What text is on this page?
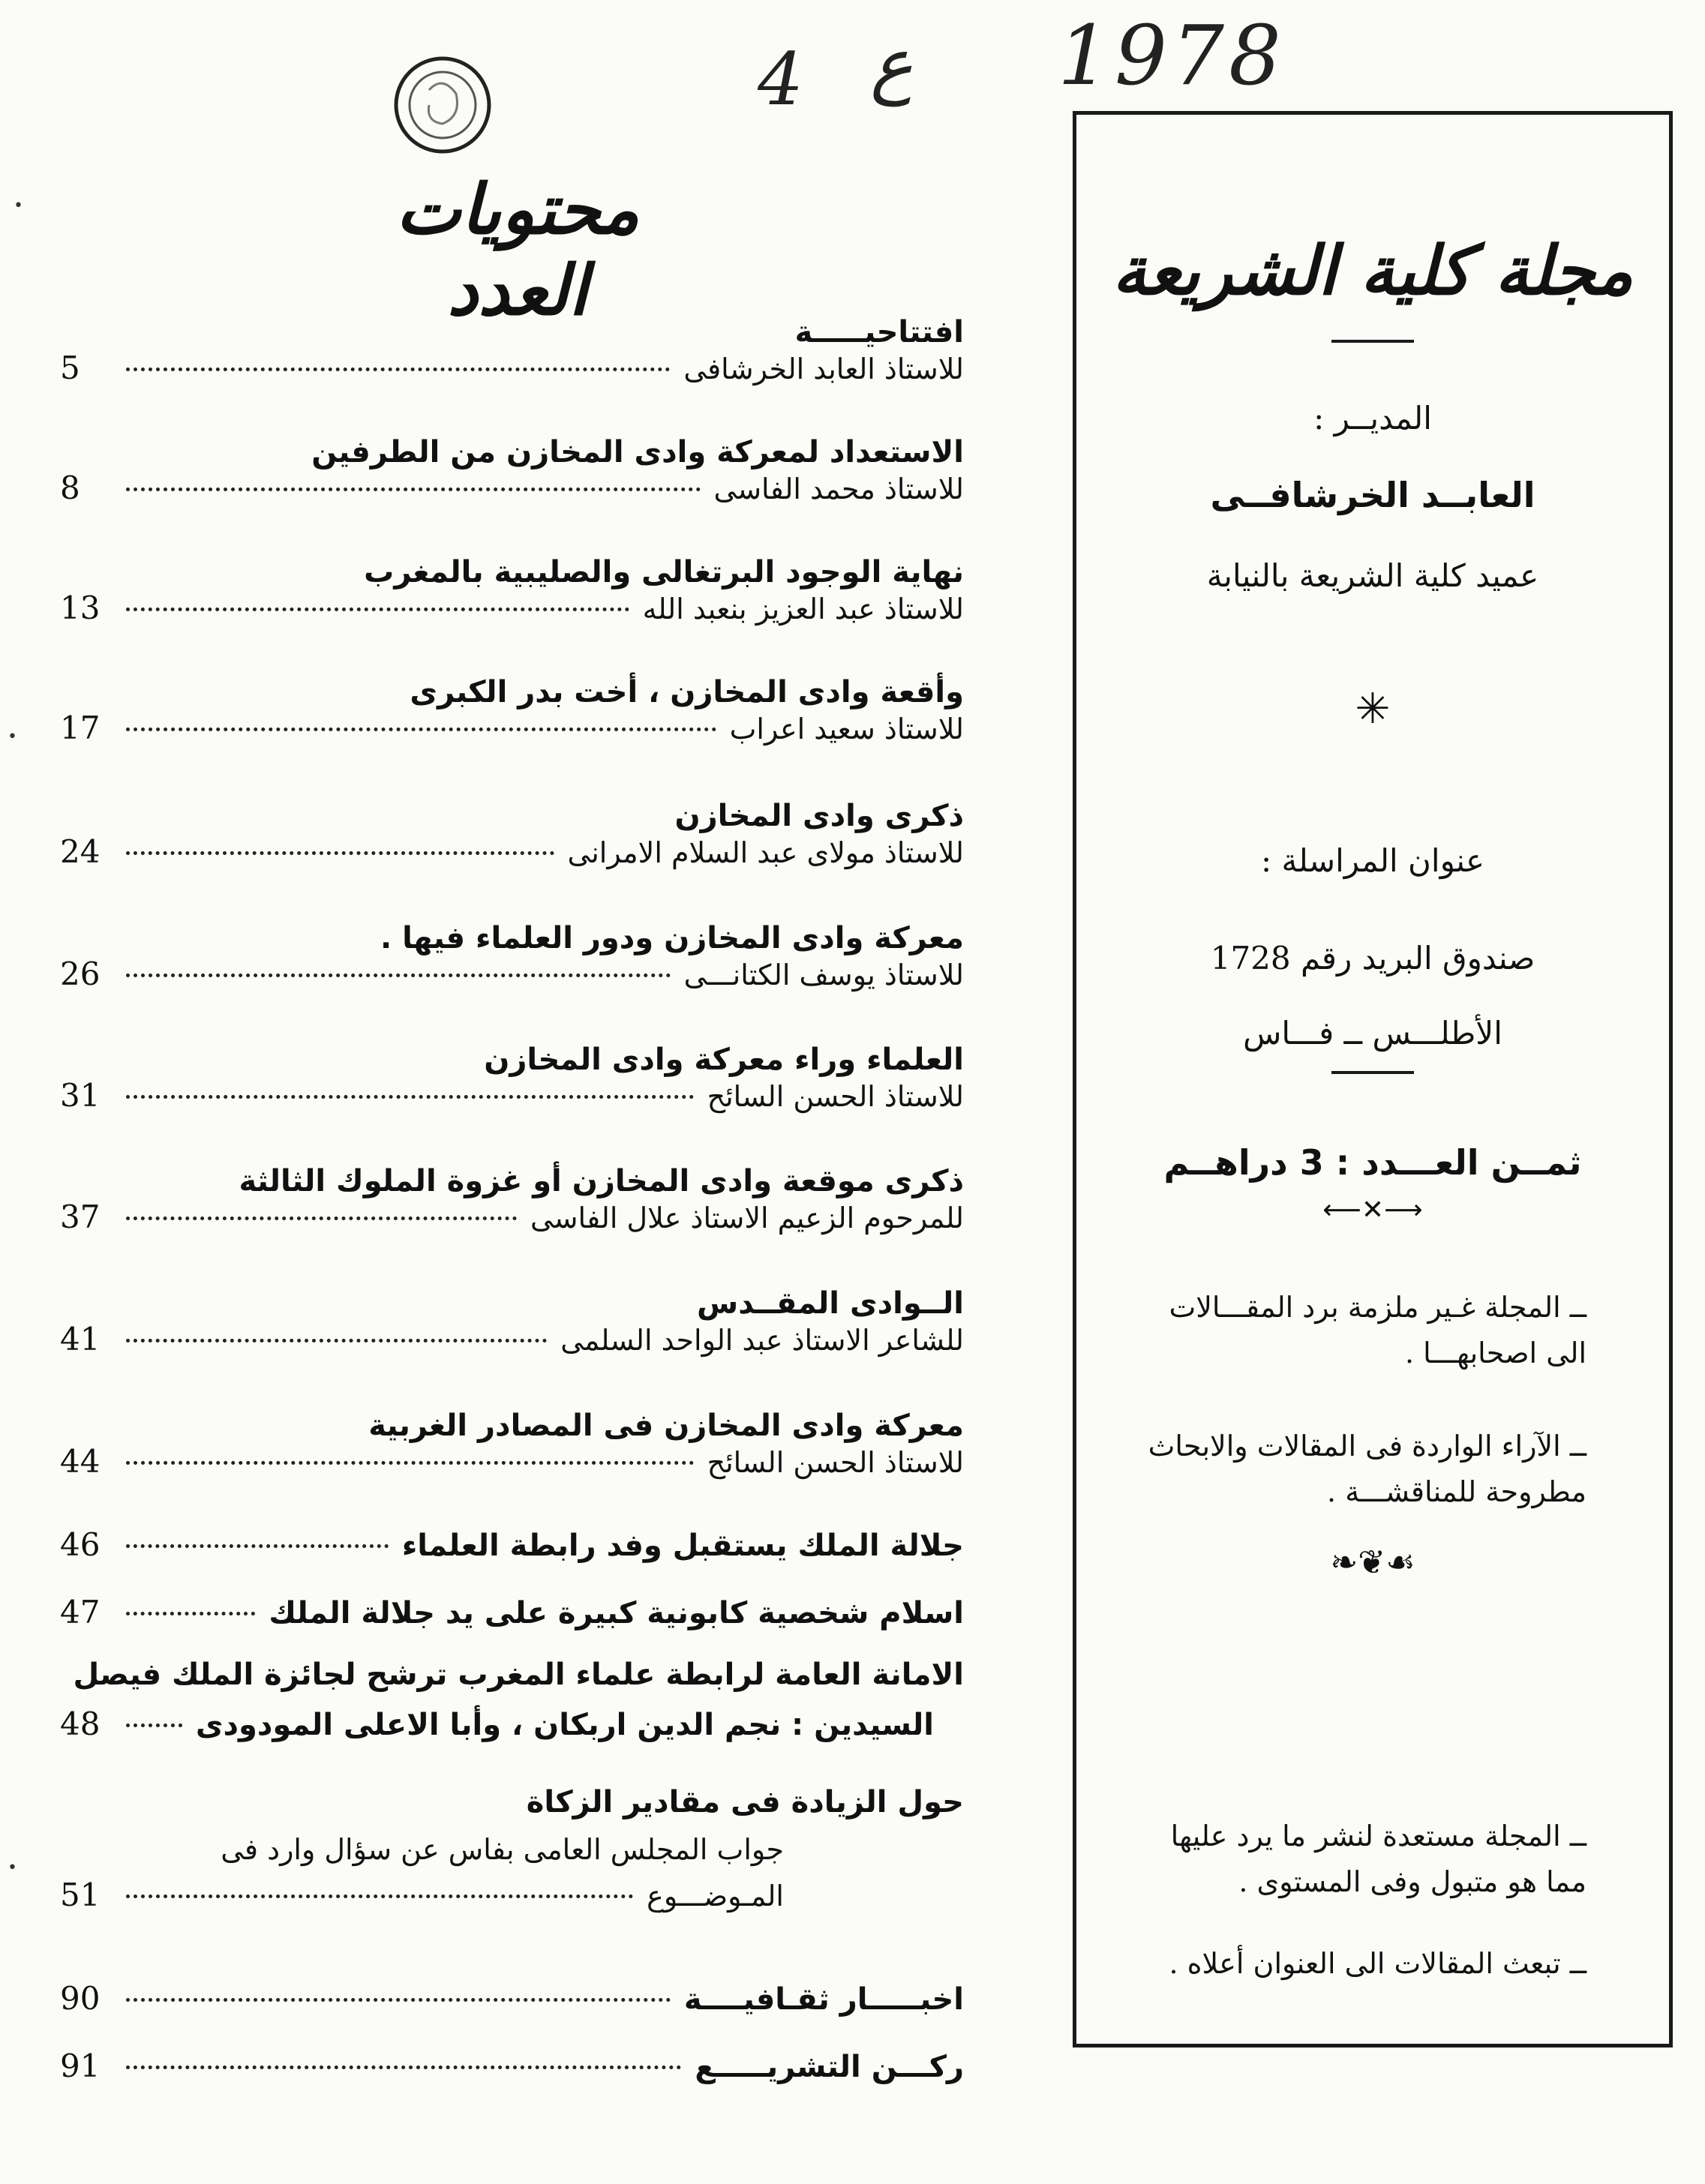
4 ع 1978
محتويات العدد
افتتاحيـــــة
للاستاذ العابد الخرشافى
5
الاستعداد لمعركة وادى المخازن من الطرفين
للاستاذ محمد الفاسى
8
نهاية الوجود البرتغالى والصليبية بالمغرب
للاستاذ عبد العزيز بنعبد الله
13
وأقعة وادى المخازن ، أخت بدر الكبرى
للاستاذ سعيد اعراب
17
ذكرى وادى المخازن
للاستاذ مولاى عبد السلام الامرانى
24
معركة وادى المخازن ودور العلماء فيها .
للاستاذ يوسف الكتانـــى
26
العلماء وراء معركة وادى المخازن
للاستاذ الحسن السائح
31
ذكرى موقعة وادى المخازن أو غزوة الملوك الثالثة
للمرحوم الزعيم الاستاذ علال الفاسى
37
الــوادى المقــدس
للشاعر الاستاذ عبد الواحد السلمى
41
معركة وادى المخازن فى المصادر الغربية
للاستاذ الحسن السائح
44
جلالة الملك يستقبل وفد رابطة العلماء
46
اسلام شخصية كابونية كبيرة على يد جلالة الملك
47
الامانة العامة لرابطة علماء المغرب ترشح لجائزة الملك فيصل
السيدين : نجم الدين اربكان ، وأبا الاعلى المودودى
48
حول الزيادة فى مقادير الزكاة
جواب المجلس العامى بفاس عن سؤال وارد فى
المـوضـــوع
51
اخبـــــار ثقـافيــــة
90
ركـــن التشريـــــع
91
مجلة كلية الشريعة
المديــر :
العابــد الخرشافــى
عميد كلية الشريعة بالنيابة
✳
عنوان المراسلة :
صندوق البريد رقم 1728
الأطلـــس ــ فـــاس
ثمــن العـــدد : 3 دراهــم
⟶✕⟵
ــ المجلة غـير ملزمة برد المقـــالات الى اصحابهـــا .
ــ الآراء الواردة فى المقالات والابحاث مطروحة للمناقشـــة .
☙❦❧
ــ المجلة مستعدة لنشر ما يرد عليها مما هو متبول وفى المستوى .
ــ تبعث المقالات الى العنوان أعلاه .
•
•
•
